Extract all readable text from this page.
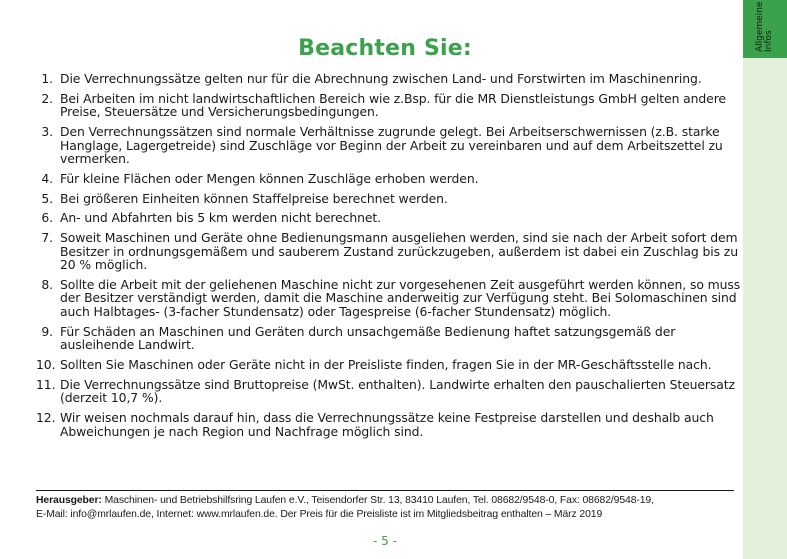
Allgemeine Infos
Beachten Sie:
1. Die Verrechnungssätze gelten nur für die Abrechnung zwischen Land- und Forstwirten im Maschinenring.
2. Bei Arbeiten im nicht landwirtschaftlichen Bereich wie z.Bsp. für die MR Dienstleistungs GmbH gelten andere Preise, Steuersätze und Versicherungsbedingungen.
3. Den Verrechnungssätzen sind normale Verhältnisse zugrunde gelegt. Bei Arbeitserschwernissen (z.B. starke Hanglage, Lagergetreide) sind Zuschläge vor Beginn der Arbeit zu vereinbaren und auf dem Arbeitszettel zu vermerken.
4. Für kleine Flächen oder Mengen können Zuschläge erhoben werden.
5. Bei größeren Einheiten können Staffelpreise berechnet werden.
6. An- und Abfahrten bis 5 km werden nicht berechnet.
7. Soweit Maschinen und Geräte ohne Bedienungsmann ausgeliehen werden, sind sie nach der Arbeit sofort dem Besitzer in ordnungsgemäßem und sauberem Zustand zurückzugeben, außerdem ist dabei ein Zuschlag bis zu 20 % möglich.
8. Sollte die Arbeit mit der geliehenen Maschine nicht zur vorgesehenen Zeit ausgeführt werden können, so muss der Besitzer verständigt werden, damit die Maschine anderweitig zur Verfügung steht. Bei Solomaschinen sind auch Halbtages- (3-facher Stundensatz) oder Tagespreise (6-facher Stundensatz) möglich.
9. Für Schäden an Maschinen und Geräten durch unsachgemäße Bedienung haftet satzungsgemäß der ausleihende Landwirt.
10. Sollten Sie Maschinen oder Geräte nicht in der Preisliste finden, fragen Sie in der MR-Geschäftsstelle nach.
11. Die Verrechnungssätze sind Bruttopreise (MwSt. enthalten). Landwirte erhalten den pauschalierten Steuersatz (derzeit 10,7 %).
12. Wir weisen nochmals darauf hin, dass die Verrechnungssätze keine Festpreise darstellen und deshalb auch Abweichungen je nach Region und Nachfrage möglich sind.
Herausgeber: Maschinen- und Betriebshilfsring Laufen e.V., Teisendorfer Str. 13, 83410 Laufen, Tel. 08682/9548-0, Fax: 08682/9548-19,
E-Mail: info@mrlaufen.de, Internet: www.mrlaufen.de. Der Preis für die Preisliste ist im Mitgliedsbeitrag enthalten – März 2019
- 5 -
